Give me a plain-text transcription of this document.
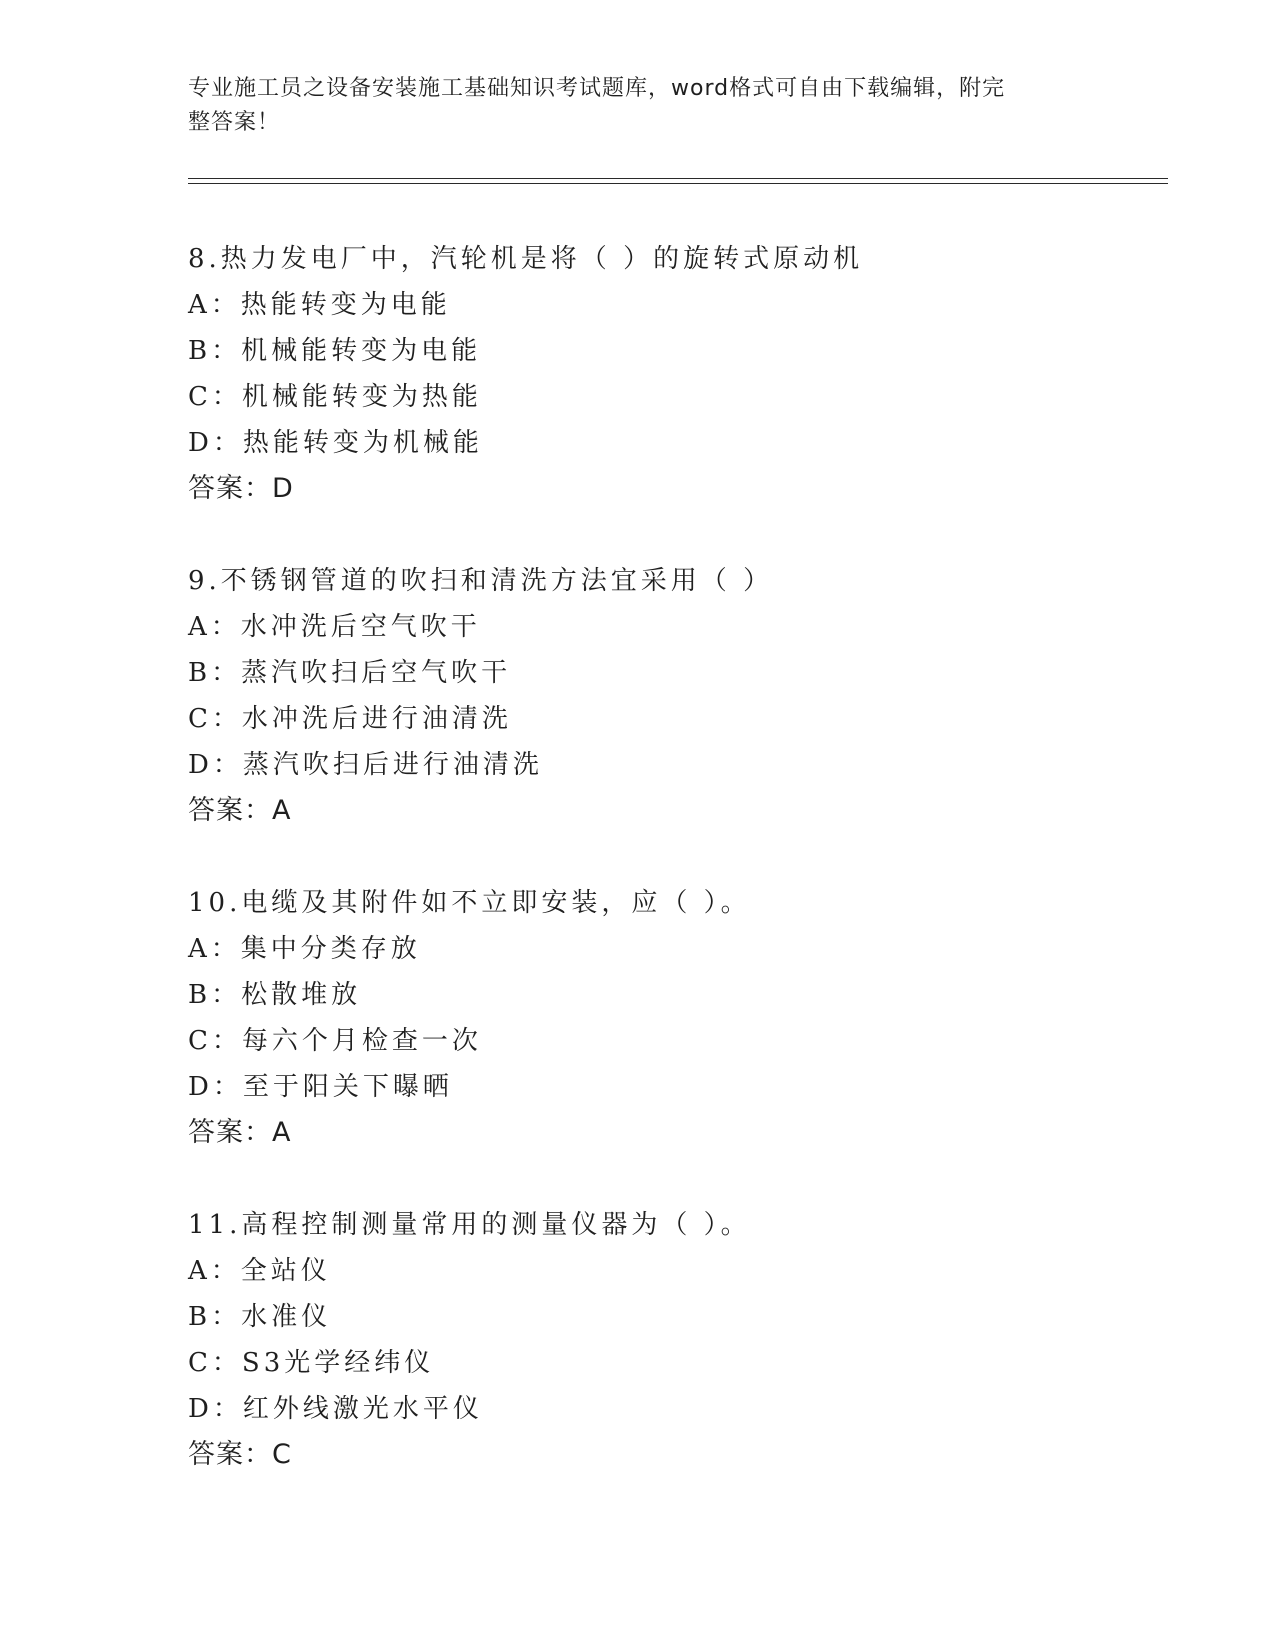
专业施工员之设备安装施工基础知识考试题库，word格式可自由下载编辑，附完
整答案！
8.热力发电厂中，汽轮机是将（ ）的旋转式原动机
A：热能转变为电能
B：机械能转变为电能
C：机械能转变为热能
D：热能转变为机械能
答案：D
9.不锈钢管道的吹扫和清洗方法宜采用（ ）
A：水冲洗后空气吹干
B：蒸汽吹扫后空气吹干
C：水冲洗后进行油清洗
D：蒸汽吹扫后进行油清洗
答案：A
10.电缆及其附件如不立即安装，应（ ）。
A：集中分类存放
B：松散堆放
C：每六个月检查一次
D：至于阳关下曝晒
答案：A
11.高程控制测量常用的测量仪器为（ ）。
A：全站仪
B：水准仪
C：S3光学经纬仪
D：红外线激光水平仪
答案：C
